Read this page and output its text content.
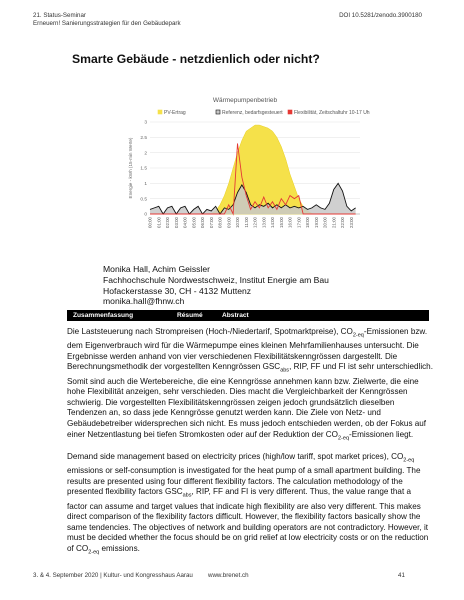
21. Status-Seminar
Erneuern! Sanierungsstrategien für den Gebäudepark
DOI 10.5281/zenodo.3900180
Smarte Gebäude - netzdienlich oder nicht?
Wärmepumpenbetrieb
PV-Ertrag	Referenz, bedarfsgesteuert Flexibilität, Zeitschaltuhr 10-17 Uhr
0
0.5
1
1.5
2
2.5
3
Energie - kWh (15-min Werte)
00:00 01:00 02:00 03:00 04:00 05:00 06:00 07:00 08:00 09:00 10:00 11:00 12:00 13:00 14:00 15:00 16:00 17:00 18:00 19:00 20:00 21:00 22:00 23:00
Monika Hall, Achim Geissler
Fachhochschule Nordwestschweiz, Institut Energie am Bau
Hofackerstasse 30, CH - 4132 Muttenz
monika.hall@fhnw.ch
Zusammenfassung	Résumé	Abstract
Die Laststeuerung nach Strompreisen (Hoch-/Niedertarif, Spotmarktpreise), $CO_{2-eq}$-Emissionen bzw. dem Eigenverbrauch wird für die Wärmepumpe eines kleinen Mehrfamilienhauses untersucht. Die Ergebnisse werden anhand von vier verschiedenen Flexibilitätskenngrössen dargestellt. Die Berechnungsmethodik der vorgestellten Kenngrössen $GSC_{abs}$, RIP, FF und FI ist sehr unterschiedlich. Somit sind auch die Wertebereiche, die eine Kenngrösse annehmen kann bzw. Zielwerte, die eine hohe Flexibilität anzeigen, sehr verschieden. Dies macht die Vergleichbarkeit der Kenngrössen schwierig. Die vorgestellten Flexibilitätskenngrössen zeigen jedoch grundsätzlich dieselben Tendenzen an, so dass jede Kenngrösse genutzt werden kann. Die Ziele von Netz- und Gebäudebetreiber widersprechen sich nicht. Es muss jedoch entschieden werden, ob der Fokus auf einer Netzentlastung bei tiefen Stromkosten oder auf der Reduktion der $CO_{2-eq}$-Emissionen liegt.
Demand side management based on electricity prices (high/low tariff, spot market prices), $CO_{2-eq}$ emissions or self-consumption is investigated for the heat pump of a small apartment building. The results are presented using four different flexibility factors. The calculation methodology of the presented flexibility factors $GSC_{abs}$, RIP, FF and FI is very different. Thus, the value range that a factor can assume and target values that indicate high flexibility are also very different. This makes direct comparison of the flexibility factors difficult. However, the flexibility factors basically show the same tendencies. The objectives of network and building operators are not contradictory. However, it must be decided whether the focus should be on grid relief at low electricity costs or on the reduction of $CO_{2-eq}$ emissions.
3. & 4. September 2020 | Kultur- und Kongresshaus Aarau www.brenet.ch	41
